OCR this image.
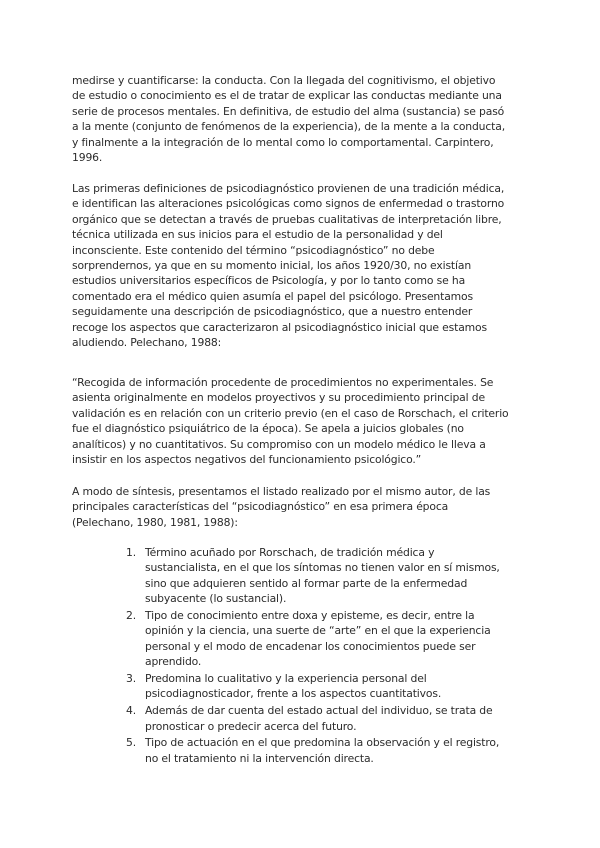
medirse y cuantificarse: la conducta. Con la llegada del cognitivismo, el objetivo
de estudio o conocimiento es el de tratar de explicar las conductas mediante una
serie de procesos mentales. En definitiva, de estudio del alma (sustancia) se pasó
a la mente (conjunto de fenómenos de la experiencia), de la mente a la conducta,
y finalmente a la integración de lo mental como lo comportamental. Carpintero,
1996.
Las primeras definiciones de psicodiagnóstico provienen de una tradición médica,
e identifican las alteraciones psicológicas como signos de enfermedad o trastorno
orgánico que se detectan a través de pruebas cualitativas de interpretación libre,
técnica utilizada en sus inicios para el estudio de la personalidad y del
inconsciente. Este contenido del término “psicodiagnóstico” no debe
sorprendernos, ya que en su momento inicial, los años 1920/30, no existían
estudios universitarios específicos de Psicología, y por lo tanto como se ha
comentado era el médico quien asumía el papel del psicólogo. Presentamos
seguidamente una descripción de psicodiagnóstico, que a nuestro entender
recoge los aspectos que caracterizaron al psicodiagnóstico inicial que estamos
aludiendo. Pelechano, 1988:
“Recogida de información procedente de procedimientos no experimentales. Se
asienta originalmente en modelos proyectivos y su procedimiento principal de
validación es en relación con un criterio previo (en el caso de Rorschach, el criterio
fue el diagnóstico psiquiátrico de la época). Se apela a juicios globales (no
analíticos) y no cuantitativos. Su compromiso con un modelo médico le lleva a
insistir en los aspectos negativos del funcionamiento psicológico.”
A modo de síntesis, presentamos el listado realizado por el mismo autor, de las
principales características del “psicodiagnóstico” en esa primera época
(Pelechano, 1980, 1981, 1988):
1. Término acuñado por Rorschach, de tradición médica y
sustancialista, en el que los síntomas no tienen valor en sí mismos,
sino que adquieren sentido al formar parte de la enfermedad
subyacente (lo sustancial).
2. Tipo de conocimiento entre doxa y episteme, es decir, entre la
opinión y la ciencia, una suerte de “arte” en el que la experiencia
personal y el modo de encadenar los conocimientos puede ser
aprendido.
3. Predomina lo cualitativo y la experiencia personal del
psicodiagnosticador, frente a los aspectos cuantitativos.
4. Además de dar cuenta del estado actual del individuo, se trata de
pronosticar o predecir acerca del futuro.
5. Tipo de actuación en el que predomina la observación y el registro,
no el tratamiento ni la intervención directa.
